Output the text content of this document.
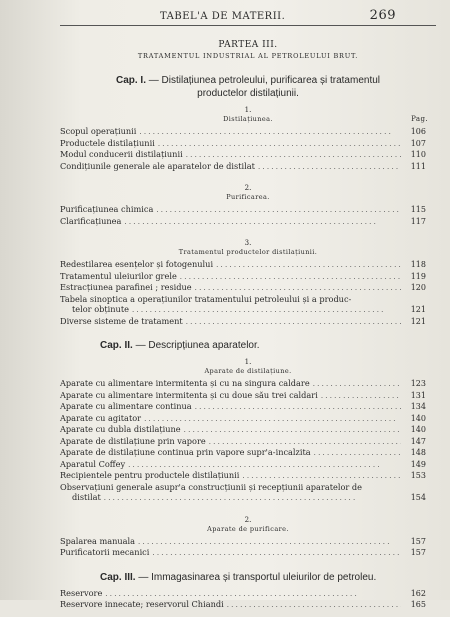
TABEL'A DE MATERII.	269
PARTEA III.
TRATAMENTUL INDUSTRIAL AL PETROLEULUI BRUT.
Cap. I. — Distilațiunea petroleului, purificarea și tratamentul
productelor distilațiunii.
1.
Distilațiunea.	Pag.
Scopul operațiunii . . .	106
Productele distilațiunii . . .	107
Modul conducerii distilațiunii . . .	110
Condițiunile generale ale aparatelor de distilat . . .	111
2.
Purificarea.
Purificațiunea chimica . . .	115
Clarificațiunea . . .	117
3.
Tratamentul productelor distilațiunii.
Redestilarea esențelor și fotogenului . . .	118
Tratamentul uleiurilor grele . . .	119
Estracțiunea parafinei ; residue . . .	120
Tabela sinoptica a operațiunilor tratamentului petroleului și a produc-
telor obținute . . .	121
Diverse sisteme de tratament . . .	121
Cap. II. — Descripțiunea aparatelor.
1.
Aparate de distilațiune.
Aparate cu alimentare intermitenta și cu na singura caldare . . .	123
Aparate cu alimentare intermitenta și cu doue său trei caldari . . .	131
Aparate cu alimentare continua . . .	134
Aparate cu agitator . . .	140
Aparate cu dubla distilațiune . . .	140
Aparate de distilațiune prin vapore . . .	147
Aparate de distilațiune continua prin vapore supr'a-incalzita . . .	148
Aparatul Coffey . . .	149
Recipientele pentru productele distilațiunii . . .	153
Observațiuni generale asupr'a construcțiunii și recepțiunii aparatelor de
distilat . . .	154
2.
Aparate de purificare.
Spalarea manuala . . .	157
Purificatorii mecanici . . .	157
Cap. III. — Immagasinarea și transportul uleiurilor de petroleu.
Reservore . . .	162
Reservore innecate; reservorul Chiandi . . .	165
